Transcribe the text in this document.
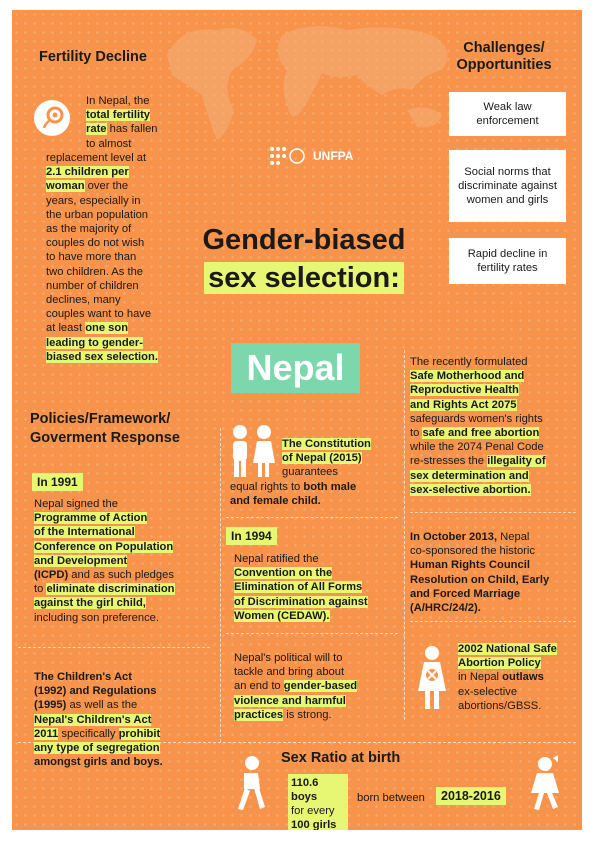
Fertility Decline
In Nepal, the
total fertility
rate has fallen
to almost
replacement level at
2.1 children per
woman over the
years, especially in
the urban population
as the majority of
couples do not wish
to have more than
two children. As the
number of children
declines, many
couples want to have
at least one son
leading to gender-
biased sex selection.
Challenges/
Opportunities
Weak law enforcement
Social norms that discriminate against women and girls
Rapid decline in fertility rates
UNFPA
Gender-biased
sex selection:
Nepal	The recently formulated
Safe Motherhood and
Reproductive Health
and Rights Act 2075
safeguards women's rights
to safe and free abortion
while the 2074 Penal Code
re-stresses the illegality of
sex determination and
sex-selective abortion.
Policies/Framework/
Goverment Response
In 1991
Nepal signed the
Programme of Action
of the International
Conference on Population
and Development
(ICPD) and as such pledges
to eliminate discrimination
against the girl child,
including son preference.
The Children's Act
(1992) and Regulations
(1995) as well as the
Nepal's Children's Act
2011 specifically prohibit
any type of segregation
amongst girls and boys.
The Constitution
of Nepal (2015)
guarantees
equal rights to both male
and female child.
In 1994
Nepal ratified the
Convention on the
Elimination of All Forms
of Discrimination against
Women (CEDAW).
Nepal's political will to
tackle and bring about
an end to gender-based
violence and harmful
practices is strong.
In October 2013, Nepal
co-sponsored the historic
Human Rights Council
Resolution on Child, Early
and Forced Marriage
(A/HRC/24/2).
2002 National Safe
Abortion Policy
in Nepal outlaws
ex-selective
abortions/GBSS.
Sex Ratio at birth
110.6 boys
for every
100 girls
born between	2018-2016
